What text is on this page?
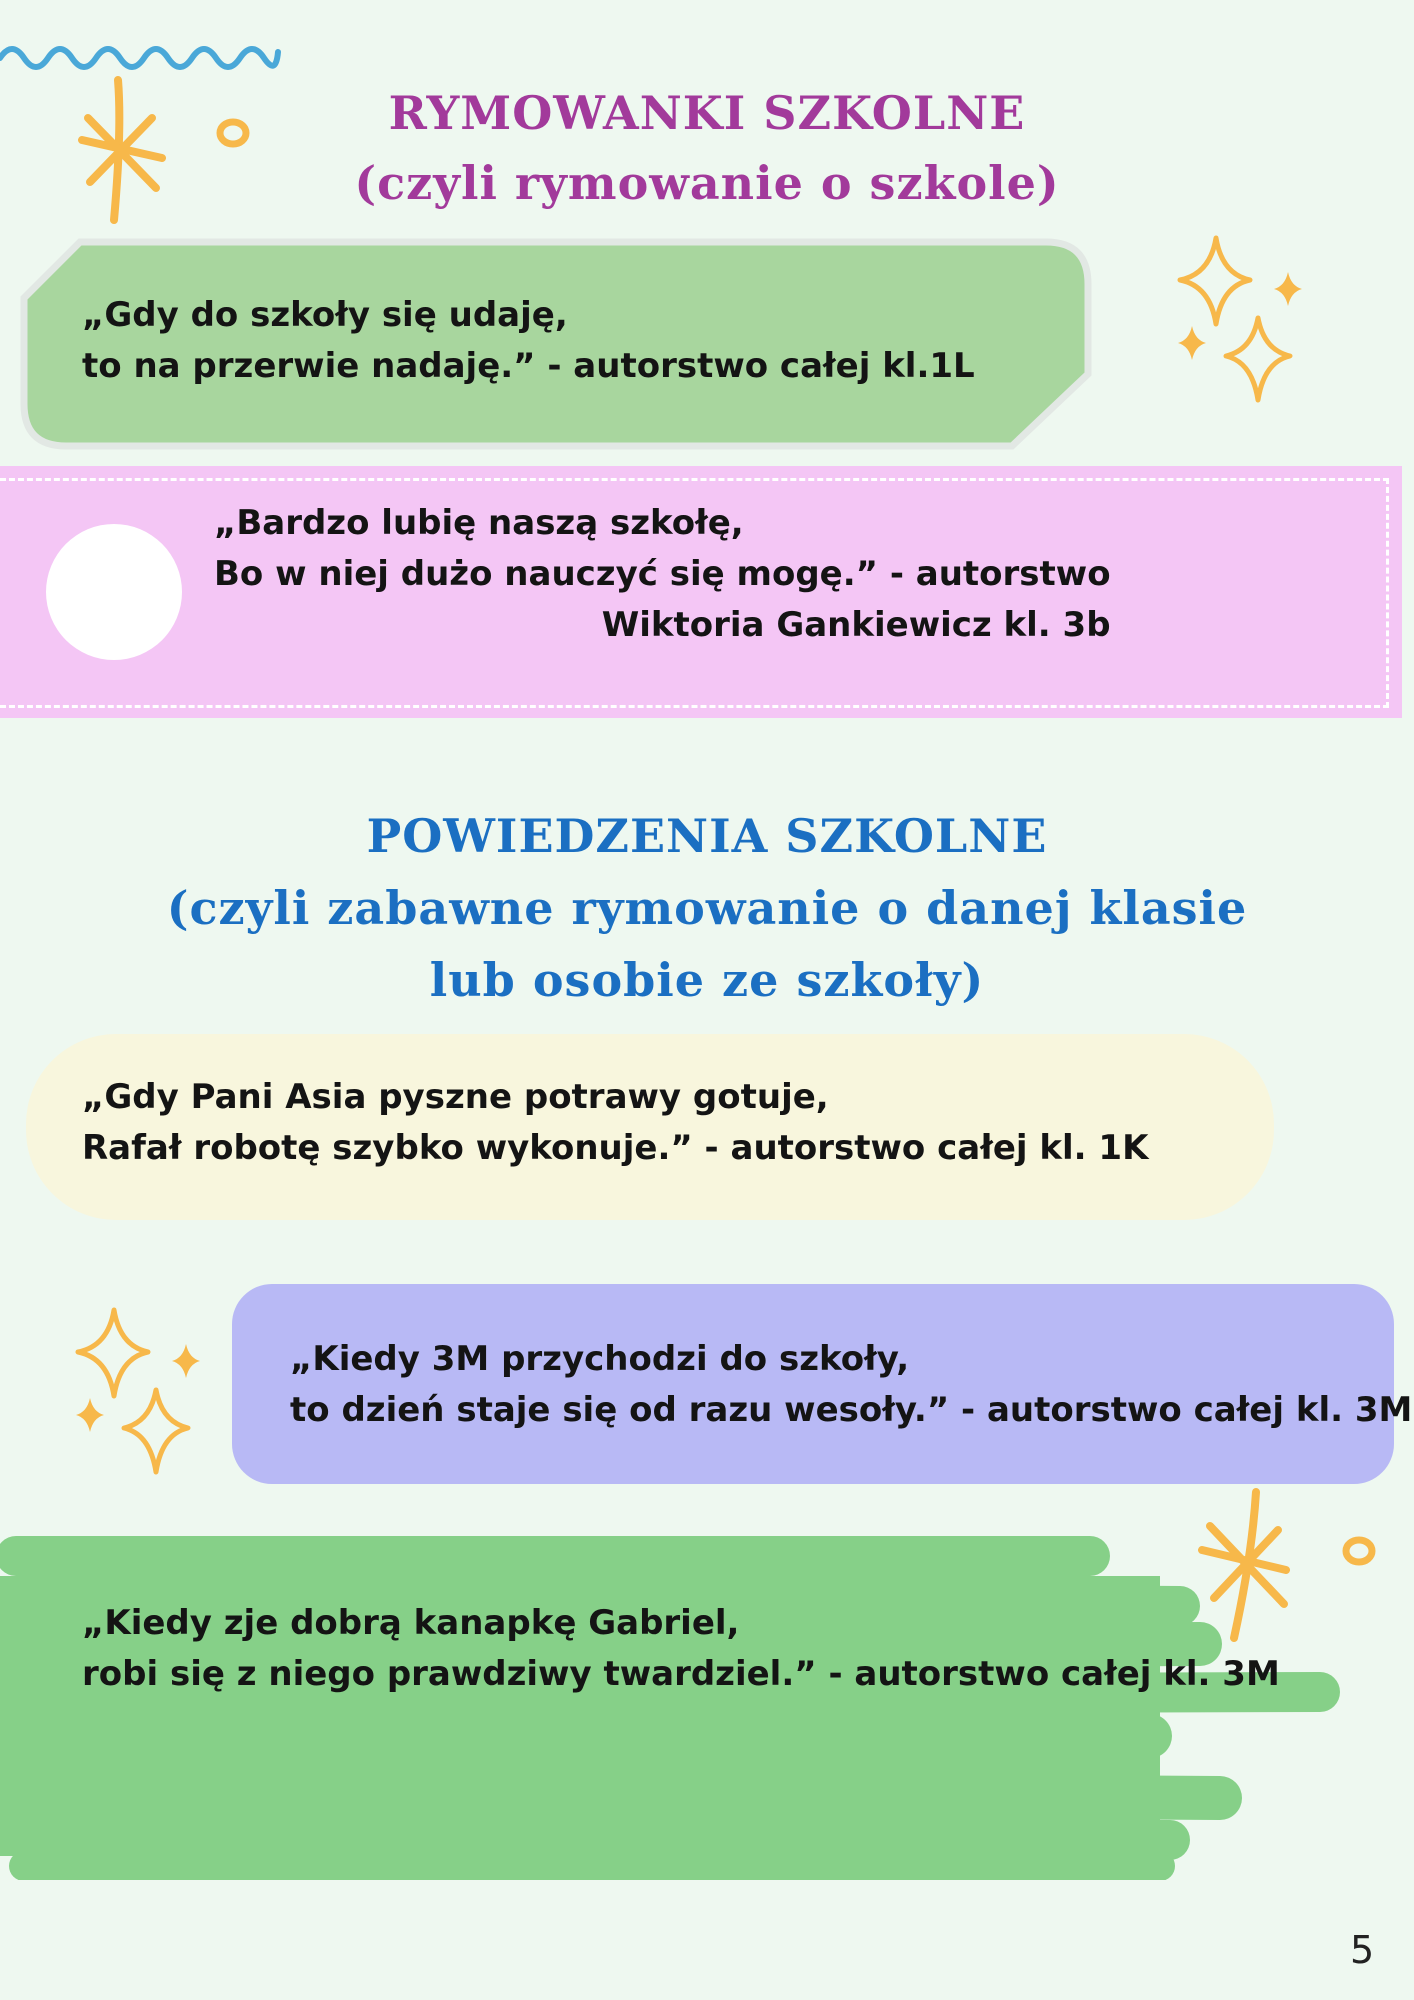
RYMOWANKI SZKOLNE
(czyli rymowanie o szkole)
„Gdy do szkoły się udaję,
to na przerwie nadaję.” - autorstwo całej kl.1L
„Bardzo lubię naszą szkołę,
Bo w niej dużo nauczyć się mogę.” - autorstwo
Wiktoria Gankiewicz kl. 3b
POWIEDZENIA SZKOLNE
(czyli zabawne rymowanie o danej klasie
lub osobie ze szkoły)
„Gdy Pani Asia pyszne potrawy gotuje,
Rafał robotę szybko wykonuje.” - autorstwo całej kl. 1K
„Kiedy 3M przychodzi do szkoły,
to dzień staje się od razu wesoły.” - autorstwo całej kl. 3M
„Kiedy zje dobrą kanapkę Gabriel,
robi się z niego prawdziwy twardziel.” - autorstwo całej kl. 3M
5
